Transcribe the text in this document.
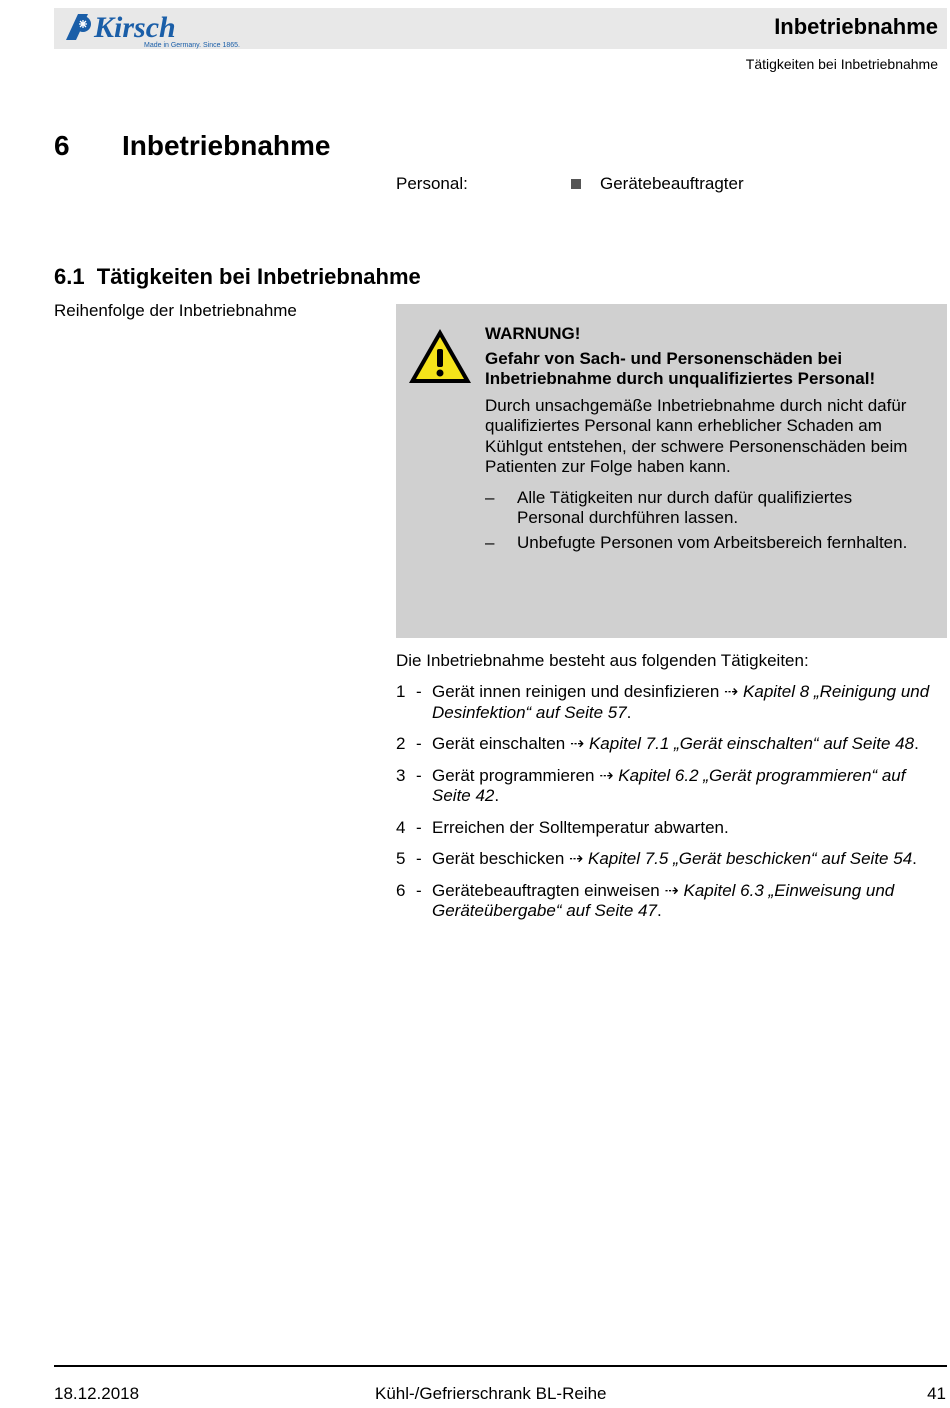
Kirsch
Made in Germany. Since 1865.
Inbetriebnahme
Tätigkeiten bei Inbetriebnahme
6 Inbetriebnahme
Personal:	Gerätebeauftragter
6.1  Tätigkeiten bei Inbetriebnahme
Reihenfolge der Inbetriebnahme
WARNUNG!
Gefahr von Sach- und Personenschäden bei Inbetriebnahme durch unqualifiziertes Personal!
Durch unsachgemäße Inbetriebnahme durch nicht dafür qualifiziertes Personal kann erheblicher Schaden am Kühlgut entstehen, der schwere Personenschäden beim Patienten zur Folge haben kann.
– Alle Tätigkeiten nur durch dafür qualifiziertes Personal durchführen lassen.
– Unbefugte Personen vom Arbeitsbereich fernhalten.
Die Inbetriebnahme besteht aus folgenden Tätigkeiten:
1 - Gerät innen reinigen und desinfizieren ⇢ Kapitel 8 „Reinigung und Desinfektion“ auf Seite 57.
2 - Gerät einschalten ⇢ Kapitel 7.1 „Gerät einschalten“ auf Seite 48.
3 - Gerät programmieren ⇢ Kapitel 6.2 „Gerät programmieren“ auf Seite 42.
4 - Erreichen der Solltemperatur abwarten.
5 - Gerät beschicken ⇢ Kapitel 7.5 „Gerät beschicken“ auf Seite 54.
6 - Gerätebeauftragten einweisen ⇢ Kapitel 6.3 „Einweisung und Geräteübergabe“ auf Seite 47.
18.12.2018	Kühl-/Gefrierschrank BL-Reihe	41
